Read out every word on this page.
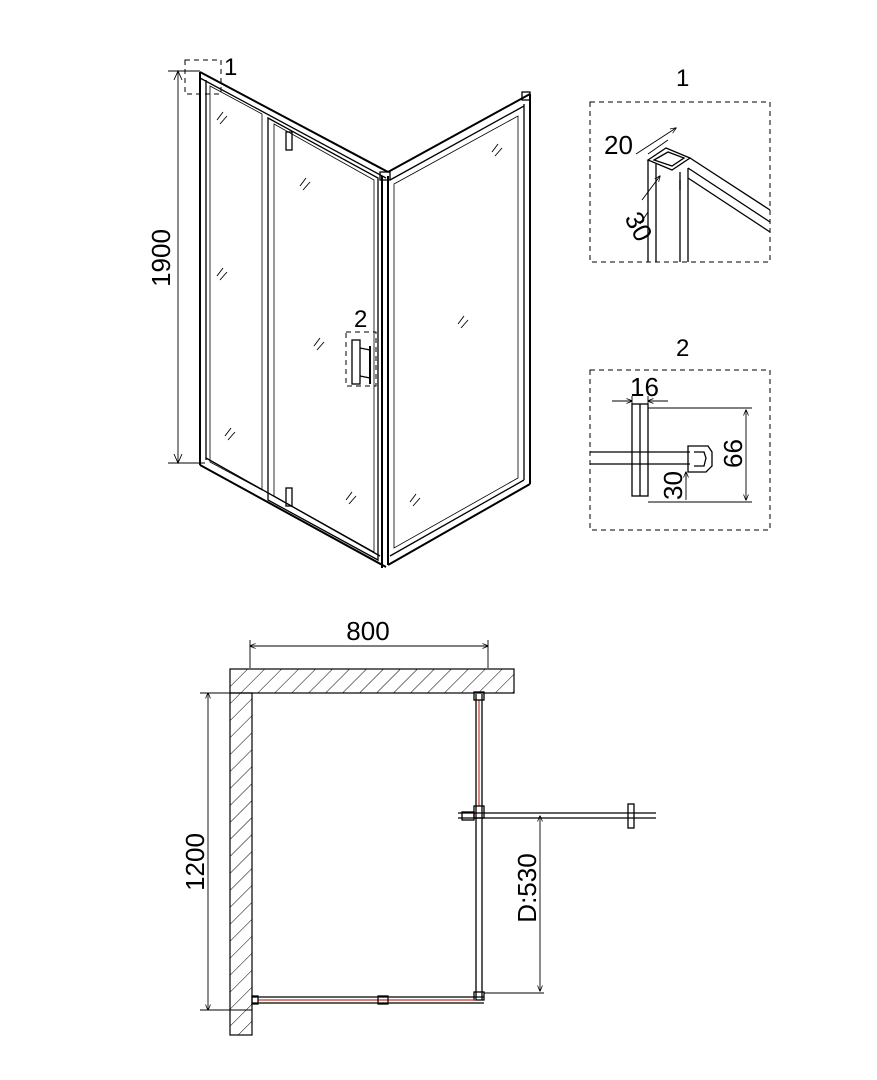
1900
1
2
1
20
30
2
16
66
30
800
1200	D:530
